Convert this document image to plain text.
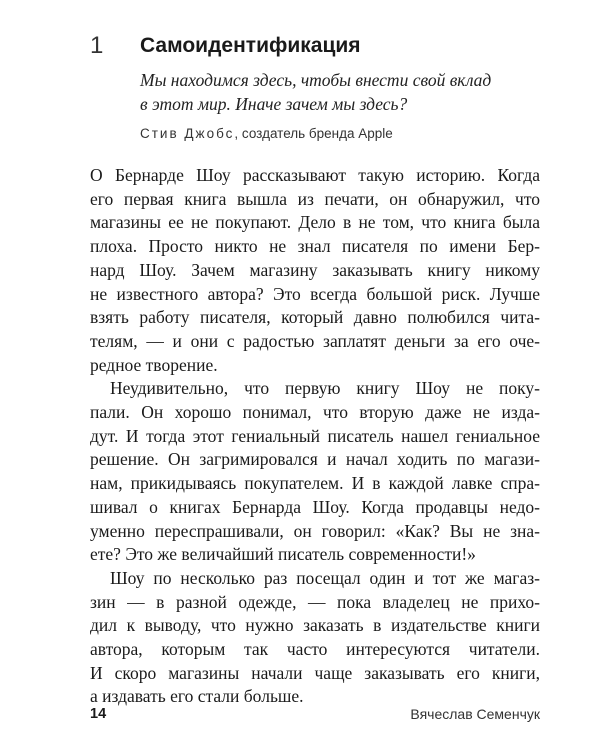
1 Самоидентификация
Мы находимся здесь, чтобы внести свой вклад
в этот мир. Иначе зачем мы здесь?
Стив Джобс, создатель бренда Apple
О Бернарде Шоу рассказывают такую историю. Когда
его первая книга вышла из печати, он обнаружил, что
магазины ее не покупают. Дело в не том, что книга была
плоха. Просто никто не знал писателя по имени Бер-
нард Шоу. Зачем магазину заказывать книгу никому
не известного автора? Это всегда большой риск. Лучше
взять работу писателя, который давно полюбился чита-
телям, — и они с радостью заплатят деньги за его оче-
редное творение.
Неудивительно, что первую книгу Шоу не поку-
пали. Он хорошо понимал, что вторую даже не изда-
дут. И тогда этот гениальный писатель нашел гениальное
решение. Он загримировался и начал ходить по магази-
нам, прикидываясь покупателем. И в каждой лавке спра-
шивал о книгах Бернарда Шоу. Когда продавцы недо-
уменно переспрашивали, он говорил: «Как? Вы не зна-
ете? Это же величайший писатель современности!»
Шоу по несколько раз посещал один и тот же магаз-
зин — в разной одежде, — пока владелец не прихо-
дил к выводу, что нужно заказать в издательстве книги
автора, которым так часто интересуются читатели.
И скоро магазины начали чаще заказывать его книги,
а издавать его стали больше.
14	Вячеслав Семенчук
